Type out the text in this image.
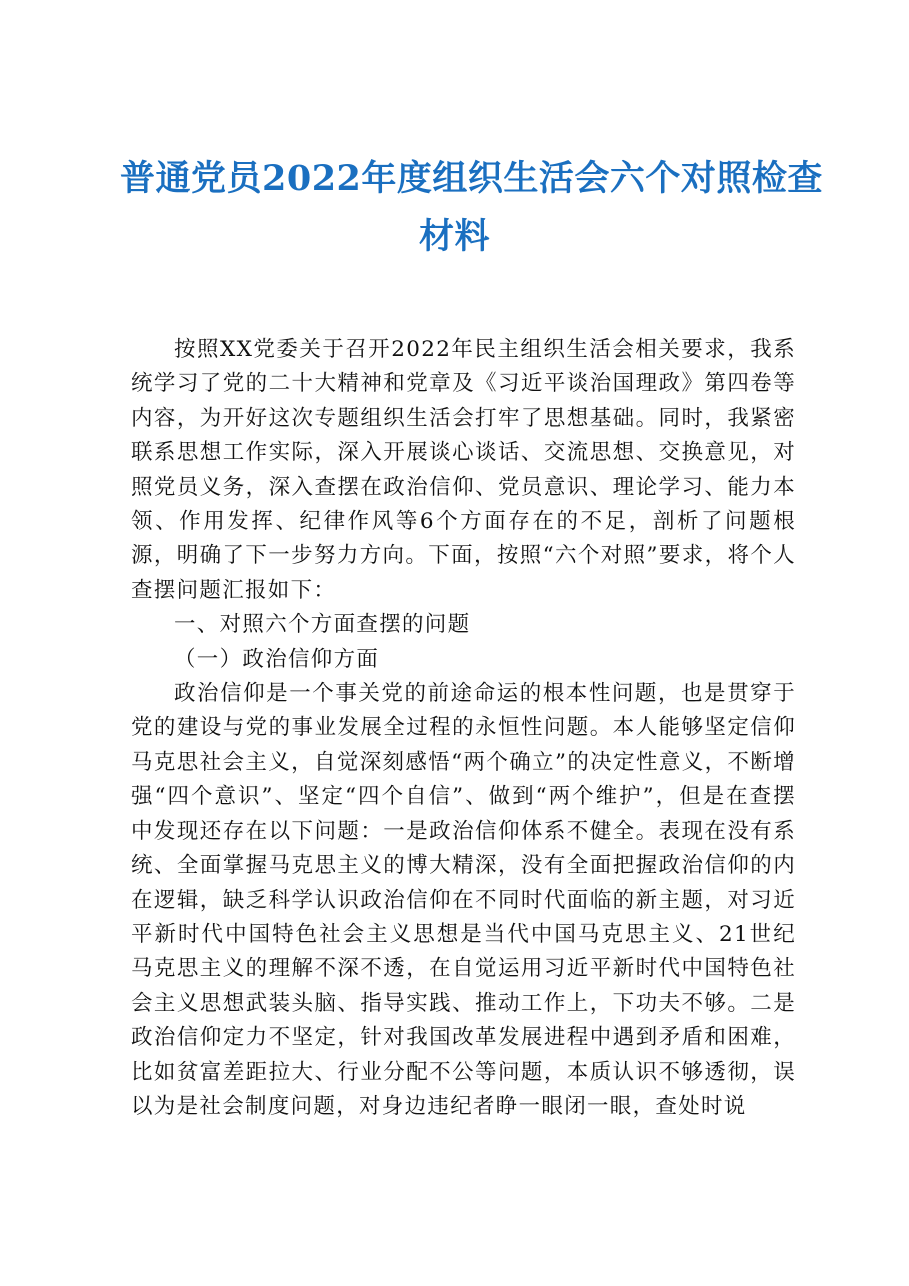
普通党员2022年度组织生活会六个对照检查
材料

按照XX党委关于召开2022年民主组织生活会相关要求，我系统学习了党的二十大精神和党章及《习近平谈治国理政》第四卷等内容，为开好这次专题组织生活会打牢了思想基础。同时，我紧密联系思想工作实际，深入开展谈心谈话、交流思想、交换意见，对照党员义务，深入查摆在政治信仰、党员意识、理论学习、能力本领、作用发挥、纪律作风等6个方面存在的不足，剖析了问题根源，明确了下一步努力方向。下面，按照“六个对照”要求，将个人查摆问题汇报如下：

一、对照六个方面查摆的问题

（一）政治信仰方面

政治信仰是一个事关党的前途命运的根本性问题，也是贯穿于党的建设与党的事业发展全过程的永恒性问题。本人能够坚定信仰马克思社会主义，自觉深刻感悟“两个确立”的决定性意义，不断增强“四个意识”、坚定“四个自信”、做到“两个维护”，但是在查摆中发现还存在以下问题：一是政治信仰体系不健全。表现在没有系统、全面掌握马克思主义的博大精深，没有全面把握政治信仰的内在逻辑，缺乏科学认识政治信仰在不同时代面临的新主题，对习近平新时代中国特色社会主义思想是当代中国马克思主义、21世纪马克思主义的理解不深不透，在自觉运用习近平新时代中国特色社会主义思想武装头脑、指导实践、推动工作上，下功夫不够。二是政治信仰定力不坚定，针对我国改革发展进程中遇到矛盾和困难，比如贫富差距拉大、行业分配不公等问题，本质认识不够透彻，误以为是社会制度问题，对身边违纪者睁一眼闭一眼，查处时说
